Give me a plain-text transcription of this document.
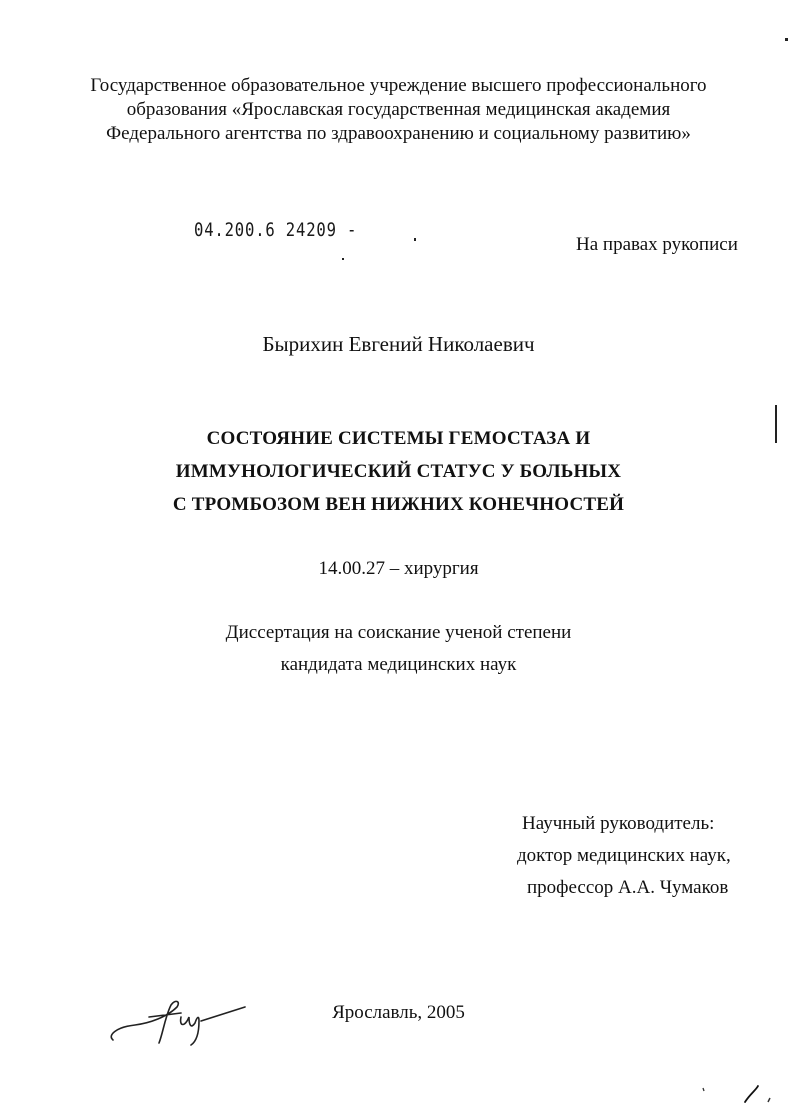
Государственное образовательное учреждение высшего профессионального
образования «Ярославская государственная медицинская академия
Федерального агентства по здравоохранению и социальному развитию»
04.200.6 24209 -
На правах рукописи
Бырихин Евгений Николаевич
СОСТОЯНИЕ СИСТЕМЫ ГЕМОСТАЗА И
ИММУНОЛОГИЧЕСКИЙ СТАТУС У БОЛЬНЫХ
С ТРОМБОЗОМ ВЕН НИЖНИХ КОНЕЧНОСТЕЙ
14.00.27 – хирургия
Диссертация на соискание ученой степени
кандидата медицинских наук
Научный руководитель:
доктор медицинских наук,
профессор А.А. Чумаков
Ярославль, 2005
